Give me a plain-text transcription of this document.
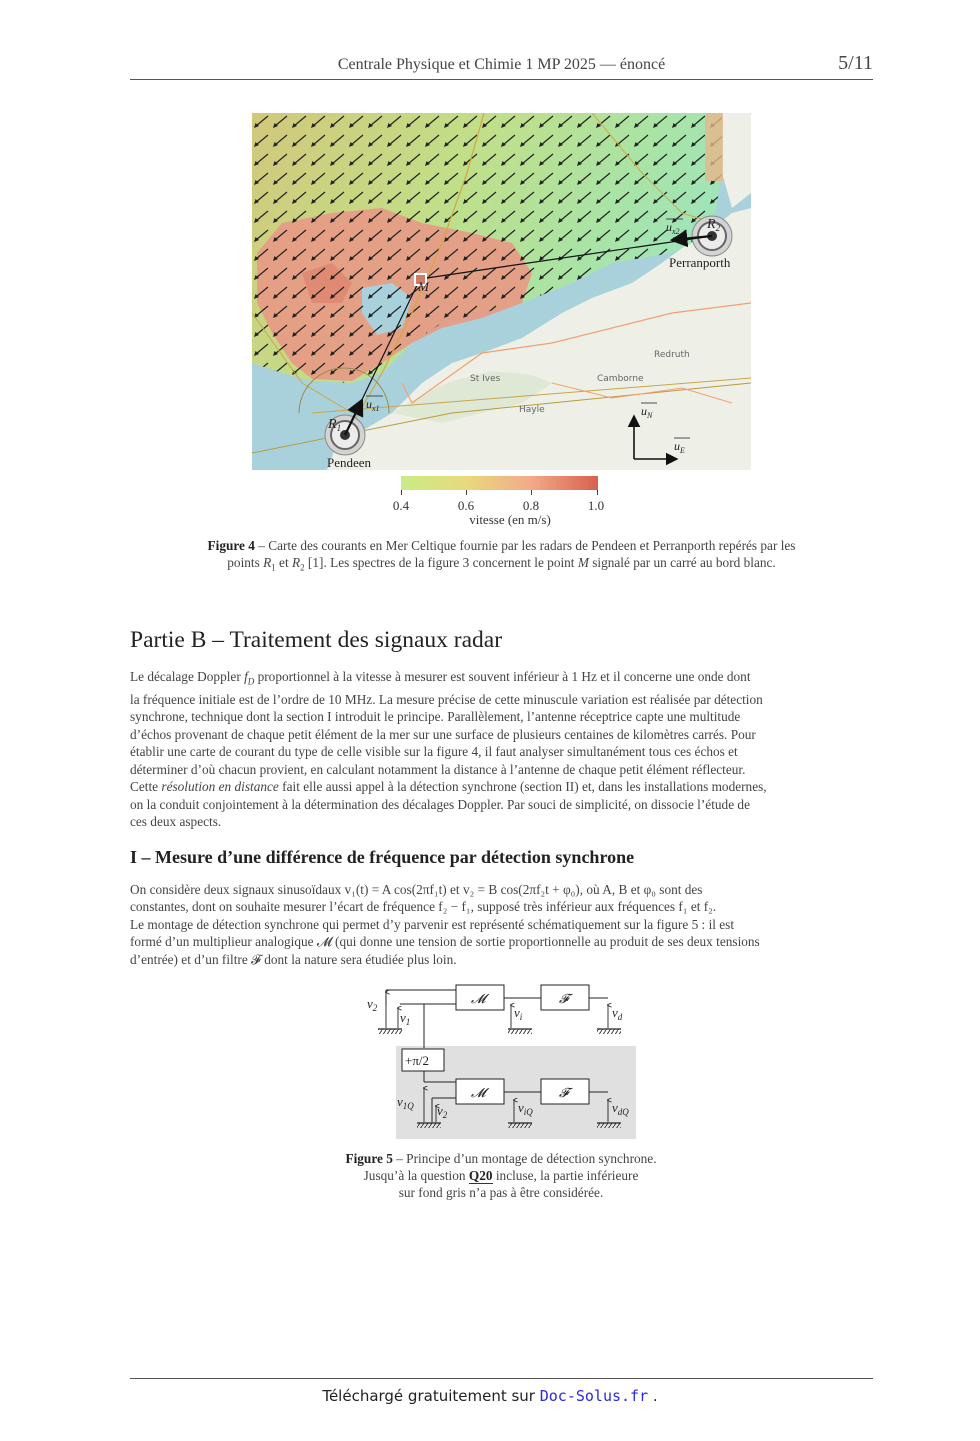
Centrale Physique et Chimie 1 MP 2025 — énoncé	5/11
$R_1$
$R_2$
M
$u_{x1}$
$u_{x2}$
$u_N$
$u_E$
Pendeen
Perranporth
St Ives	Camborne
Redruth
Hayle
0.4	0.6	0.8	1.0
vitesse (en m/s)
Figure 4 – Carte des courants en Mer Celtique fournie par les radars de Pendeen et Perranporth repérés par les
points $R_1$ et $R_2$ [1]. Les spectres de la figure 3 concernent le point M signalé par un carré au bord blanc.
Partie B – Traitement des signaux radar
Le décalage Doppler $f_D$ proportionnel à la vitesse à mesurer est souvent inférieur à 1 Hz et il concerne une onde dont
la fréquence initiale est de l’ordre de 10 MHz. La mesure précise de cette minuscule variation est réalisée par détection
synchrone, technique dont la section I introduit le principe. Parallèlement, l’antenne réceptrice capte une multitude
d’échos provenant de chaque petit élément de la mer sur une surface de plusieurs centaines de kilomètres carrés. Pour
établir une carte de courant du type de celle visible sur la figure 4, il faut analyser simultanément tous ces échos et
déterminer d’où chacun provient, en calculant notamment la distance à l’antenne de chaque petit élément réflecteur.
Cette résolution en distance fait elle aussi appel à la détection synchrone (section II) et, dans les installations modernes,
on la conduit conjointement à la détermination des décalages Doppler. Par souci de simplicité, on dissocie l’étude de
ces deux aspects.
I – Mesure d’une différence de fréquence par détection synchrone
On considère deux signaux sinusoïdaux v₁(t) = A cos(2πf₁t) et v₂ = B cos(2πf₂t + φ₀), où A, B et φ₀ sont des
constantes, dont on souhaite mesurer l’écart de fréquence f₂ − f₁, supposé très inférieur aux fréquences f₁ et f₂.
Le montage de détection synchrone qui permet d’y parvenir est représenté schématiquement sur la figure 5 : il est
formé d’un multiplieur analogique 𝓜 (qui donne une tension de sortie proportionnelle au produit de ses deux tensions
d’entrée) et d’un filtre 𝓕 dont la nature sera étudiée plus loin.
𝓜	𝓕
𝓜	𝓕
+π/2
$v_2$
$v_1$
$v_i$	$v_d$
$v_{1Q}$ $v_2$	$v_{iQ}$	$v_{dQ}$
Figure 5 – Principe d’un montage de détection synchrone.
Jusqu’à la question Q20 incluse, la partie inférieure
sur fond gris n’a pas à être considérée.
Téléchargé gratuitement sur Doc-Solus.fr .
